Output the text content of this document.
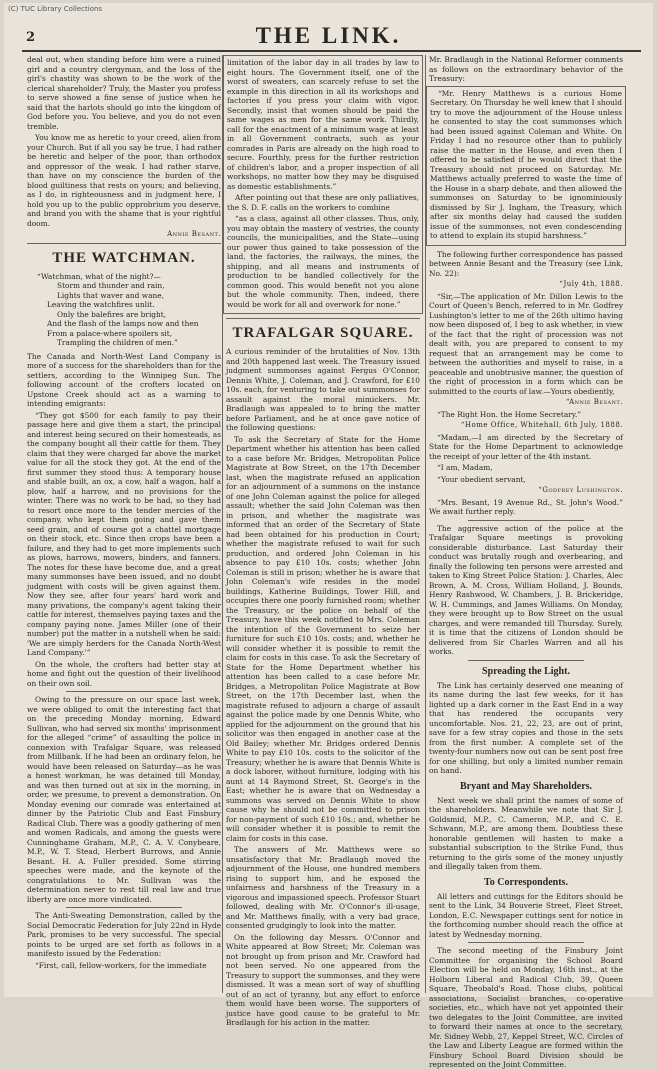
(C) TUC Library Collections
2	THE LINK.

deal out, when standing before him were a ruined girl and a country clergyman, and the loss of the girl's chastity was shown to be the work of the clerical shareholder? Truly, the Master you profess to serve showed a fine sense of justice when he said that the harlots should go into the kingdom of God before you. You believe, and you do not even tremble.

You know me as heretic to your creed, alien from your Church. But if all you say be true, I had rather be heretic and helper of the poor, than orthodox and oppressor of the weak. I had rather starve, than have on my conscience the burden of the blood guiltiness that rests on yours; and believing, as I do, in righteousness and in judgment here, I hold you up to the public opprobrium you deserve, and brand you with the shame that is your rightful doom.

Annie Besant.

THE WATCHMAN.
“Watchman, what of the night?—
Storm and thunder and rain,
Lights that waver and wane,
Leaving the watchfires unlit.
Only the balefires are bright,
And the flash of the lamps now and then
From a palace-where spoilers sit,
Trampling the children of men.”

The Canada and North-West Land Company is more of a success for the shareholders than for the settlers, according to the Winnipeg Sun. The following account of the crofters located on Upstone Creek should act as a warning to intending emigrants:

“They got $500 for each family to pay their passage here and give them a start, the principal and interest being secured on their homesteads, as the company bought all their cattle for them. They claim that they were charged far above the market value for all the stock they got. At the end of the first summer they stood thus: A temporary house and stable built, an ox, a cow, half a wagon, half a plow, half a harrow, and no provisions for the winter. There was no work to be had, so they had to resort once more to the tender mercies of the company, who kept them going and gave them seed grain, and of course got a chattel mortgage on their stock, etc. Since then crops have been a failure, and they had to get more implements such as plows, harrows, mowers, binders, and fanners. The notes for these have become due, and a great many summonses have been issued, and no doubt judgment with costs will be given against them. Now they see, after four years' hard work and many privations, the company's agent taking their cattle for interest, themselves paying taxes and the company paying none. James Miller (one of their number) put the matter in a nutshell when he said: 'We are simply herders for the Canada North-West Land Company.'”

On the whole, the crofters had better stay at home and fight out the question of their livelihood on their own soil.

Owing to the pressure on our space last week, we were obliged to omit the interesting fact that on the preceding Monday morning, Edward Sullivan, who had served six months' imprisonment for the alleged “crime” of assaulting the police in connexion with Trafalgar Square, was released from Millbank. If he had been an ordinary felon, he would have been released on Saturday—as he was a honest workman, he was detained till Monday, and was then turned out at six in the morning, in order, we presume, to prevent a demonstration. On Monday evening our comrade was entertained at dinner by the Patriotic Club and East Finsbury Radical Club. There was a goodly gathering of men and women Radicals, and among the guests were Cunninghame Graham, M.P., C. A. V. Conybeare, M.P., W. T. Stead, Herbert Burrows, and Annie Besant. H. A. Fuller presided. Some stirring speeches were made, and the keynote of the congratulations to Mr. Sullivan was the determination never to rest till real law and true liberty are once more vindicated.

The Anti-Sweating Demonstration, called by the Social Democratic Federation for July 22nd in Hyde Park, promises to be very successful. The special points to be urged are set forth as follows in a manifesto issued by the Federation:

“First, call, fellow-workers, for the immediate

limitation of the labor day in all trades by law to eight hours. The Government itself, one of the worst of sweaters, can scarcely refuse to set the example in this direction in all its workshops and factories if you press your claim with vigor. Secondly, insist that women should be paid the same wages as men for the same work. Thirdly, call for the enactment of a minimum wage at least in all Government contracts, such as your comrades in Paris are already on the high road to secure. Fourthly, press for the further restriction of children's labor, and a proper inspection of all workshops, no matter how they may be disguised as domestic establishments.”

After pointing out that these are only palliatives, the S. D. F. calls on the workers to combine

“as a class, against all other classes. Thus, only, you may obtain the mastery of vestries, the county councils, the municipalities, and the State—using our power thus gained to take possession of the land, the factories, the railways, the mines, the shipping, and all means and instruments of production to be handled collectively for the common good. This would benefit not you alone but the whole community. Then, indeed, there would be work for all and overwork for none.”

TRAFALGAR SQUARE.

A curious reminder of the brutalities of Nov. 13th and 20th happened last week. The Treasury issued judgment summonses against Fergus O'Connor, Dennis White, J. Coleman, and J. Crawford, for £10 10s. each, for venturing to take out summonses for assault against the moral mimickers. Mr. Bradlaugh was appealed to to bring the matter before Parliament, and he at once gave notice of the following questions:

To ask the Secretary of State for the Home Department whether his attention has been called to a case before Mr. Bridges, Metropolitan Police Magistrate at Bow Street, on the 17th December last, when the magistrate refused an application for an adjournment of a summons on the instance of one John Coleman against the police for alleged assault; whether the said John Coleman was then in prison, and whether the magistrate was informed that an order of the Secretary of State had been obtained for his production in Court; whether the magistrate refused to wait for such production, and ordered John Coleman in his absence to pay £10 10s. costs; whether John Coleman is still in prison; whether he is aware that John Coleman's wife resides in the model buildings, Katherine Buildings, Tower Hill, and occupies there one poorly furnished room; whether the Treasury, or the police on behalf of the Treasury, have this week notified to Mrs. Coleman the intention of the Government to seize her furniture for such £10 10s. costs; and, whether he will consider whether it is possible to remit the claim for costs in this case. To ask the Secretary of State for the Home Department whether his attention has been called to a case before Mr. Bridges, a Metropolitan Police Magistrate at Bow Street, on the 17th December last, when the magistrate refused to adjourn a charge of assault against the police made by one Dennis White, who applied for the adjournment on the ground that his solicitor was then engaged in another case at the Old Bailey; whether Mr. Bridges ordered Dennis White to pay £10 10s. costs to the solicitor of the Treasury; whether he is aware that Dennis White is a dock laborer, without furniture, lodging with his aunt at 14 Raymond Street, St. George's in the East; whether he is aware that on Wednesday a summons was served on Dennis White to show cause why he should not be committed to prison for non-payment of such £10 10s.; and, whether he will consider whether it is possible to remit the claim for costs in this case.

The answers of Mr. Matthews were so unsatisfactory that Mr. Bradlaugh moved the adjournment of the House, one hundred members rising to support him, and he exposed the unfairness and harshness of the Treasury in a vigorous and impassioned speech. Professor Stuart followed, dealing with Mr. O'Connor's ill-usage, and Mr. Matthews finally, with a very bad grace, consented grudgingly to look into the matter.

On the following day Messrs. O'Connor and White appeared at Bow Street; Mr. Coleman was not brought up from prison and Mr. Crawford had not been served. No one appeared from the Treasury to support the summonses, and they were dismissed. It was a mean sort of way of shuffling out of an act of tyranny, but any effort to enforce them would have been worse. The supporters of justice have good cause to be grateful to Mr. Bradlaugh for his action in the matter.

Mr. Bradlaugh in the National Reformer comments as follows on the extraordinary behavior of the Treasury:

“Mr. Henry Matthews is a curious Home Secretary. On Thursday he well knew that I should try to move the adjournment of the House unless he consented to stay the cost summonses which had been issued against Coleman and White. On Friday I had no resource other than to publicly raise the matter in the House, and even then I offered to be satisfied if he would direct that the Treasury should not proceed on Saturday. Mr. Matthews actually preferred to waste the time of the House in a sharp debate, and then allowed the summonses on Saturday to be ignominiously dismissed by Sir J. Ingham, the Treasury, which after six months delay had caused the sudden issue of the summonses, not even condescending to attend to explain its stupid harshness.”

The following further correspondence has passed between Annie Besant and the Treasury (see Link, No. 22):

“July 4th, 1888.

“Sir,—The application of Mr. Dillon Lewis to the Court of Queen's Bench, referred to in Mr. Godfrey Lushington's letter to me of the 26th ultimo having now been disposed of, I beg to ask whether, in view of the fact that the right of procession was not dealt with, you are prepared to consent to my request that an arrangement may be come to between the authorities and myself to raise, in a peaceable and unobtrusive manner, the question of the right of procession in a form which can be submitted to the courts of law.—Yours obediently,

“Annie Besant.

“The Right Hon. the Home Secretary.”

“Home Office, Whitehall, 6th July, 1888.

“Madam,—I am directed by the Secretary of State for the Home Department to acknowledge the receipt of your letter of the 4th instant.

“I am, Madam,

“Your obedient servant,

“Godfrey Lushington.

“Mrs. Besant, 19 Avenue Rd., St. John's Wood.” We await further reply.

The aggressive action of the police at the Trafalgar Square meetings is provoking considerable disturbance. Last Saturday their conduct was brutally rough and overbearing, and finally the following ten persons were arrested and taken to King Street Police Station: J. Charles, Alec Brown, A. M. Cross, William Holland, J. Bounds, Henry Rashwood, W. Chambers, J. B. Brickeridge, W. H. Cummings, and James Williams. On Monday, they were brought up to Bow Street on the usual charges, and were remanded till Thursday. Surely, it is time that the citizens of London should be delivered from Sir Charles Warren and all his works.

Spreading the Light.

The Link has certainly deserved one meaning of its name during the last few weeks, for it has lighted up a dark corner in the East End in a way that has rendered the occupants very uncomfortable. Nos. 21, 22, 23, are out of print, save for a few stray copies and those in the sets from the first number. A complete set of the twenty-four numbers now out can be sent post free for one shilling, but only a limited number remain on hand.

Bryant and May Shareholders.

Next week we shall print the names of some of the shareholders. Meanwhile we note that Sir J. Goldsmid, M.P., C. Cameron, M.P., and C. E. Schwann, M.P., are among them. Doubtless these honorable gentlemen will hasten to make a substantial subscription to the Strike Fund, thus returning to the girls some of the money unjustly and illegally taken from them.

To Correspondents.

All letters and cuttings for the Editors should be sent to the Link, 34 Bouverie Street, Fleet Street, London, E.C. Newspaper cuttings sent for notice in the forthcoming number should reach the office at latest by Wednesday morning.

The second meeting of the Finsbury Joint Committee for organising the School Board Election will be held on Monday, 16th inst., at the Holborn Liberal and Radical Club, 39, Queen Square, Theobald's Road. Those clubs, political associations, Socialist branches, co-operative societies, etc., which have not yet appointed their two delegates to the Joint Committee, are invited to forward their names at once to the secretary, Mr. Sidney Webb, 27, Keppel Street, W.C. Circles of the Law and Liberty League are formed within the Finsbury School Board Division should be represented on the Joint Committee.
